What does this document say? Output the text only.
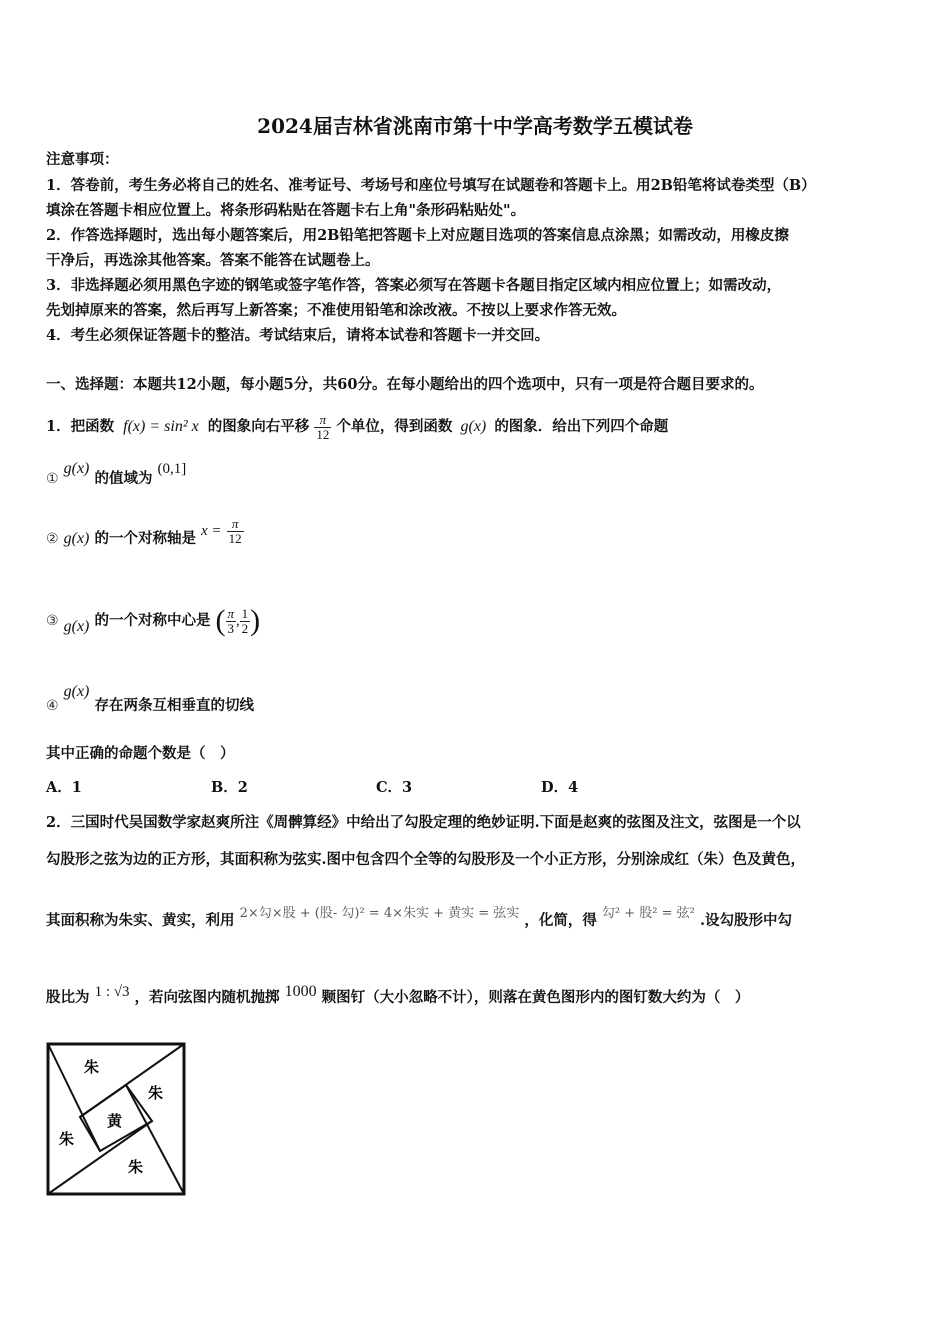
2024届吉林省洮南市第十中学高考数学五模试卷
注意事项：
1．答卷前，考生务必将自己的姓名、准考证号、考场号和座位号填写在试题卷和答题卡上。用2B铅笔将试卷类型（B）
填涂在答题卡相应位置上。将条形码粘贴在答题卡右上角"条形码粘贴处"。
2．作答选择题时，选出每小题答案后，用2B铅笔把答题卡上对应题目选项的答案信息点涂黑；如需改动，用橡皮擦
干净后，再选涂其他答案。答案不能答在试题卷上。
3．非选择题必须用黑色字迹的钢笔或签字笔作答，答案必须写在答题卡各题目指定区域内相应位置上；如需改动，
先划掉原来的答案，然后再写上新答案；不准使用铅笔和涂改液。不按以上要求作答无效。
4．考生必须保证答题卡的整洁。考试结束后，请将本试卷和答题卡一并交回。
一、选择题：本题共12小题，每小题5分，共60分。在每小题给出的四个选项中，只有一项是符合题目要求的。
1．把函数 f(x) = sin² x 的图象向右平移 $\frac{\pi}{12}$ 个单位，得到函数 g(x) 的图象．给出下列四个命题
① g(x) 的值域为 (0,1]
② g(x) 的一个对称轴是 $x = \frac{\pi}{12}$
③ g(x) 的一个对称中心是 ( $\frac{\pi}{3}$ , $\frac{1}{2}$ )
④ g(x) 存在两条互相垂直的切线
其中正确的命题个数是（　）
A．1	B．2	C．3	D．4
2．三国时代吴国数学家赵爽所注《周髀算经》中给出了勾股定理的绝妙证明.下面是赵爽的弦图及注文，弦图是一个以
勾股形之弦为边的正方形，其面积称为弦实.图中包含四个全等的勾股形及一个小正方形，分别涂成红（朱）色及黄色，
其面积称为朱实、黄实，利用 2×勾×股 + (股- 勾)² = 4×朱实 + 黄实 = 弦实 ，化简，得 勾² + 股² = 弦² .设勾股形中勾
股比为 1 : √3 ，若向弦图内随机抛掷 1000 颗图钉（大小忽略不计），则落在黄色图形内的图钉数大约为（　）
朱
朱
黄
朱
朱
